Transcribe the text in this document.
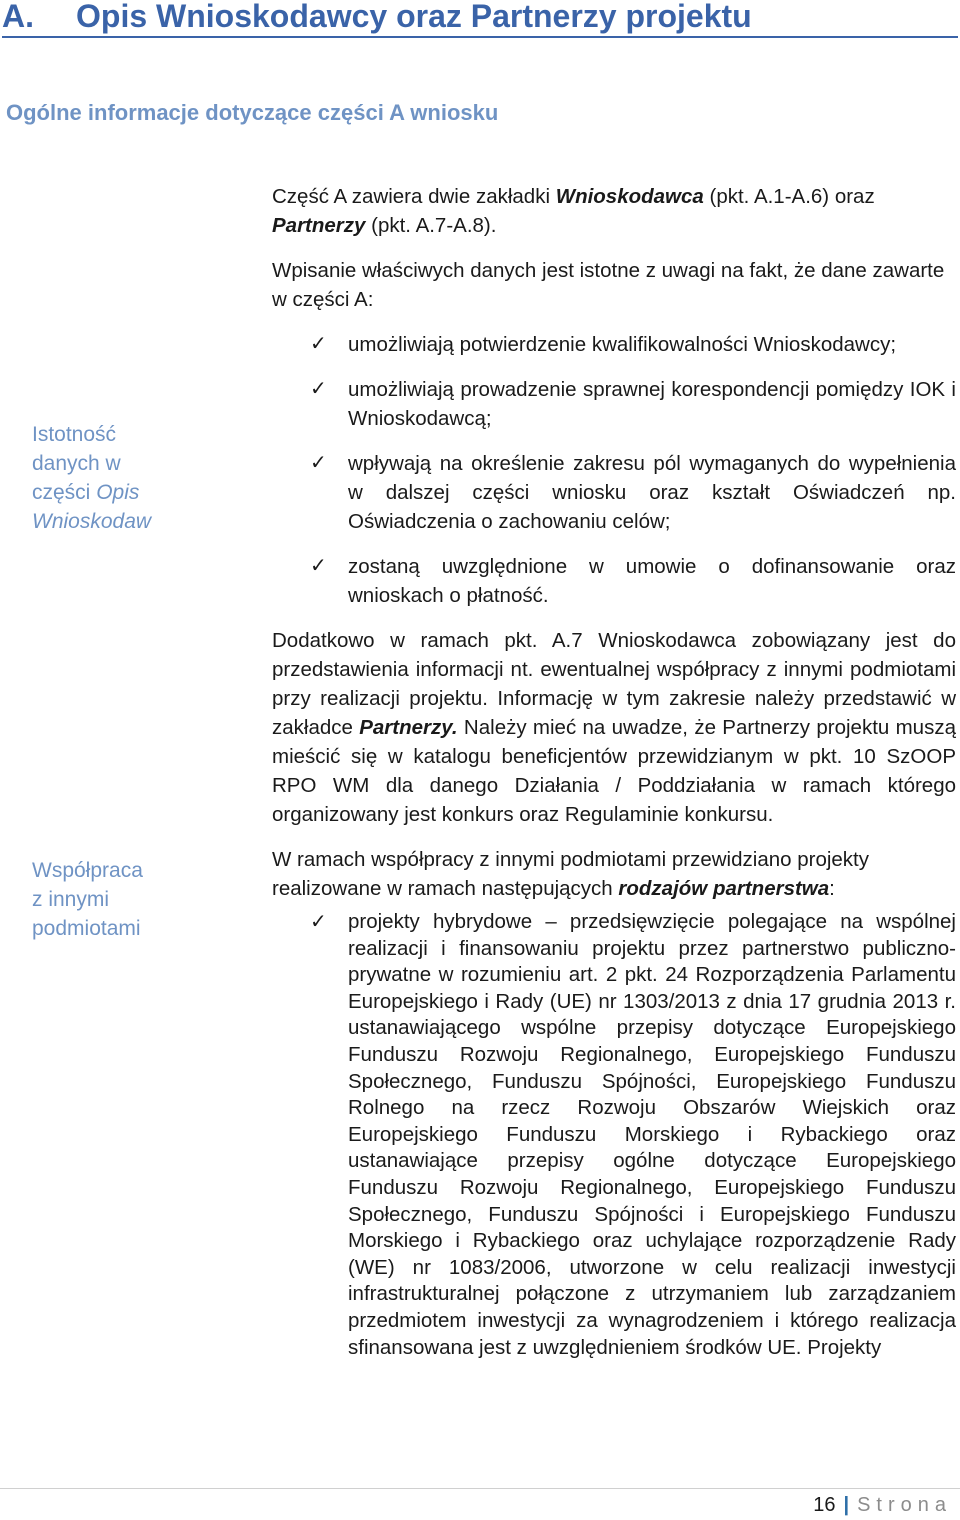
A. Opis Wnioskodawcy oraz Partnerzy projektu
Ogólne informacje dotyczące części A wniosku
Istotność
danych w
części Opis
Wnioskodaw
Współpraca
z innymi
podmiotami

Część A zawiera dwie zakładki Wnioskodawca (pkt. A.1-A.6) oraz Partnerzy (pkt. A.7-A.8).

Wpisanie właściwych danych jest istotne z uwagi na fakt, że dane zawarte w części A:

✓ umożliwiają potwierdzenie kwalifikowalności Wnioskodawcy;
✓ umożliwiają prowadzenie sprawnej korespondencji pomiędzy IOK i Wnioskodawcą;
✓ wpływają na określenie zakresu pól wymaganych do wypełnienia w dalszej części wniosku oraz kształt Oświadczeń np. Oświadczenia o zachowaniu celów;
✓ zostaną uwzględnione w umowie o dofinansowanie oraz wnioskach o płatność.

Dodatkowo w ramach pkt. A.7 Wnioskodawca zobowiązany jest do przedstawienia informacji nt. ewentualnej współpracy z innymi podmiotami przy realizacji projektu. Informację w tym zakresie należy przedstawić w zakładce Partnerzy. Należy mieć na uwadze, że Partnerzy projektu muszą mieścić się w katalogu beneficjentów przewidzianym w pkt. 10 SzOOP RPO WM dla danego Działania / Poddziałania w ramach którego organizowany jest konkurs oraz Regulaminie konkursu.

W ramach współpracy z innymi podmiotami przewidziano projekty realizowane w ramach następujących rodzajów partnerstwa:

✓ projekty hybrydowe – przedsięwzięcie polegające na wspólnej realizacji i finansowaniu projektu przez partnerstwo publiczno-prywatne w rozumieniu art. 2 pkt. 24 Rozporządzenia Parlamentu Europejskiego i Rady (UE) nr 1303/2013 z dnia 17 grudnia 2013 r. ustanawiającego wspólne przepisy dotyczące Europejskiego Funduszu Rozwoju Regionalnego, Europejskiego Funduszu Społecznego, Funduszu Spójności, Europejskiego Funduszu Rolnego na rzecz Rozwoju Obszarów Wiejskich oraz Europejskiego Funduszu Morskiego i Rybackiego oraz ustanawiające przepisy ogólne dotyczące Europejskiego Funduszu Rozwoju Regionalnego, Europejskiego Funduszu Społecznego, Funduszu Spójności i Europejskiego Funduszu Morskiego i Rybackiego oraz uchylające rozporządzenie Rady (WE) nr 1083/2006, utworzone w celu realizacji inwestycji infrastrukturalnej połączone z utrzymaniem lub zarządzaniem przedmiotem inwestycji za wynagrodzeniem i którego realizacja sfinansowana jest z uwzględnieniem środków UE. Projekty
16 | Strona
